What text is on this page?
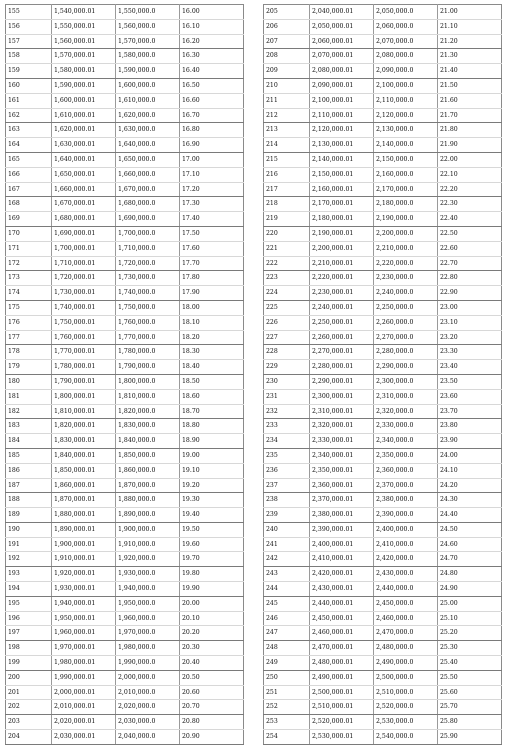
155	1,540,000.01	1,550,000.0	16.00
156	1,550,000.01	1,560,000.0	16.10
157	1,560,000.01	1,570,000.0	16.20
158	1,570,000.01	1,580,000.0	16.30
159	1,580,000.01	1,590,000.0	16.40
160	1,590,000.01	1,600,000.0	16.50
161	1,600,000.01	1,610,000.0	16.60
162	1,610,000.01	1,620,000.0	16.70
163	1,620,000.01	1,630,000.0	16.80
164	1,630,000.01	1,640,000.0	16.90
165	1,640,000.01	1,650,000.0	17.00
166	1,650,000.01	1,660,000.0	17.10
167	1,660,000.01	1,670,000.0	17.20
168	1,670,000.01	1,680,000.0	17.30
169	1,680,000.01	1,690,000.0	17.40
170	1,690,000.01	1,700,000.0	17.50
171	1,700,000.01	1,710,000.0	17.60
172	1,710,000.01	1,720,000.0	17.70
173	1,720,000.01	1,730,000.0	17.80
174	1,730,000.01	1,740,000.0	17.90
175	1,740,000.01	1,750,000.0	18.00
176	1,750,000.01	1,760,000.0	18.10
177	1,760,000.01	1,770,000.0	18.20
178	1,770,000.01	1,780,000.0	18.30
179	1,780,000.01	1,790,000.0	18.40
180	1,790,000.01	1,800,000.0	18.50
181	1,800,000.01	1,810,000.0	18.60
182	1,810,000.01	1,820,000.0	18.70
183	1,820,000.01	1,830,000.0	18.80
184	1,830,000.01	1,840,000.0	18.90
185	1,840,000.01	1,850,000.0	19.00
186	1,850,000.01	1,860,000.0	19.10
187	1,860,000.01	1,870,000.0	19.20
188	1,870,000.01	1,880,000.0	19.30
189	1,880,000.01	1,890,000.0	19.40
190	1,890,000.01	1,900,000.0	19.50
191	1,900,000.01	1,910,000.0	19.60
192	1,910,000.01	1,920,000.0	19.70
193	1,920,000.01	1,930,000.0	19.80
194	1,930,000.01	1,940,000.0	19.90
195	1,940,000.01	1,950,000.0	20.00
196	1,950,000.01	1,960,000.0	20.10
197	1,960,000.01	1,970,000.0	20.20
198	1,970,000.01	1,980,000.0	20.30
199	1,980,000.01	1,990,000.0	20.40
200	1,990,000.01	2,000,000.0	20.50
201	2,000,000.01	2,010,000.0	20.60
202	2,010,000.01	2,020,000.0	20.70
203	2,020,000.01	2,030,000.0	20.80
204	2,030,000.01	2,040,000.0	20.90
205	2,040,000.01	2,050,000.0	21.00
206	2,050,000.01	2,060,000.0	21.10
207	2,060,000.01	2,070,000.0	21.20
208	2,070,000.01	2,080,000.0	21.30
209	2,080,000.01	2,090,000.0	21.40
210	2,090,000.01	2,100,000.0	21.50
211	2,100,000.01	2,110,000.0	21.60
212	2,110,000.01	2,120,000.0	21.70
213	2,120,000.01	2,130,000.0	21.80
214	2,130,000.01	2,140,000.0	21.90
215	2,140,000.01	2,150,000.0	22.00
216	2,150,000.01	2,160,000.0	22.10
217	2,160,000.01	2,170,000.0	22.20
218	2,170,000.01	2,180,000.0	22.30
219	2,180,000.01	2,190,000.0	22.40
220	2,190,000.01	2,200,000.0	22.50
221	2,200,000.01	2,210,000.0	22.60
222	2,210,000.01	2,220,000.0	22.70
223	2,220,000.01	2,230,000.0	22.80
224	2,230,000.01	2,240,000.0	22.90
225	2,240,000.01	2,250,000.0	23.00
226	2,250,000.01	2,260,000.0	23.10
227	2,260,000.01	2,270,000.0	23.20
228	2,270,000.01	2,280,000.0	23.30
229	2,280,000.01	2,290,000.0	23.40
230	2,290,000.01	2,300,000.0	23.50
231	2,300,000.01	2,310,000.0	23.60
232	2,310,000.01	2,320,000.0	23.70
233	2,320,000.01	2,330,000.0	23.80
234	2,330,000.01	2,340,000.0	23.90
235	2,340,000.01	2,350,000.0	24.00
236	2,350,000.01	2,360,000.0	24.10
237	2,360,000.01	2,370,000.0	24.20
238	2,370,000.01	2,380,000.0	24.30
239	2,380,000.01	2,390,000.0	24.40
240	2,390,000.01	2,400,000.0	24.50
241	2,400,000.01	2,410,000.0	24.60
242	2,410,000.01	2,420,000.0	24.70
243	2,420,000.01	2,430,000.0	24.80
244	2,430,000.01	2,440,000.0	24.90
245	2,440,000.01	2,450,000.0	25.00
246	2,450,000.01	2,460,000.0	25.10
247	2,460,000.01	2,470,000.0	25.20
248	2,470,000.01	2,480,000.0	25.30
249	2,480,000.01	2,490,000.0	25.40
250	2,490,000.01	2,500,000.0	25.50
251	2,500,000.01	2,510,000.0	25.60
252	2,510,000.01	2,520,000.0	25.70
253	2,520,000.01	2,530,000.0	25.80
254	2,530,000.01	2,540,000.0	25.90
